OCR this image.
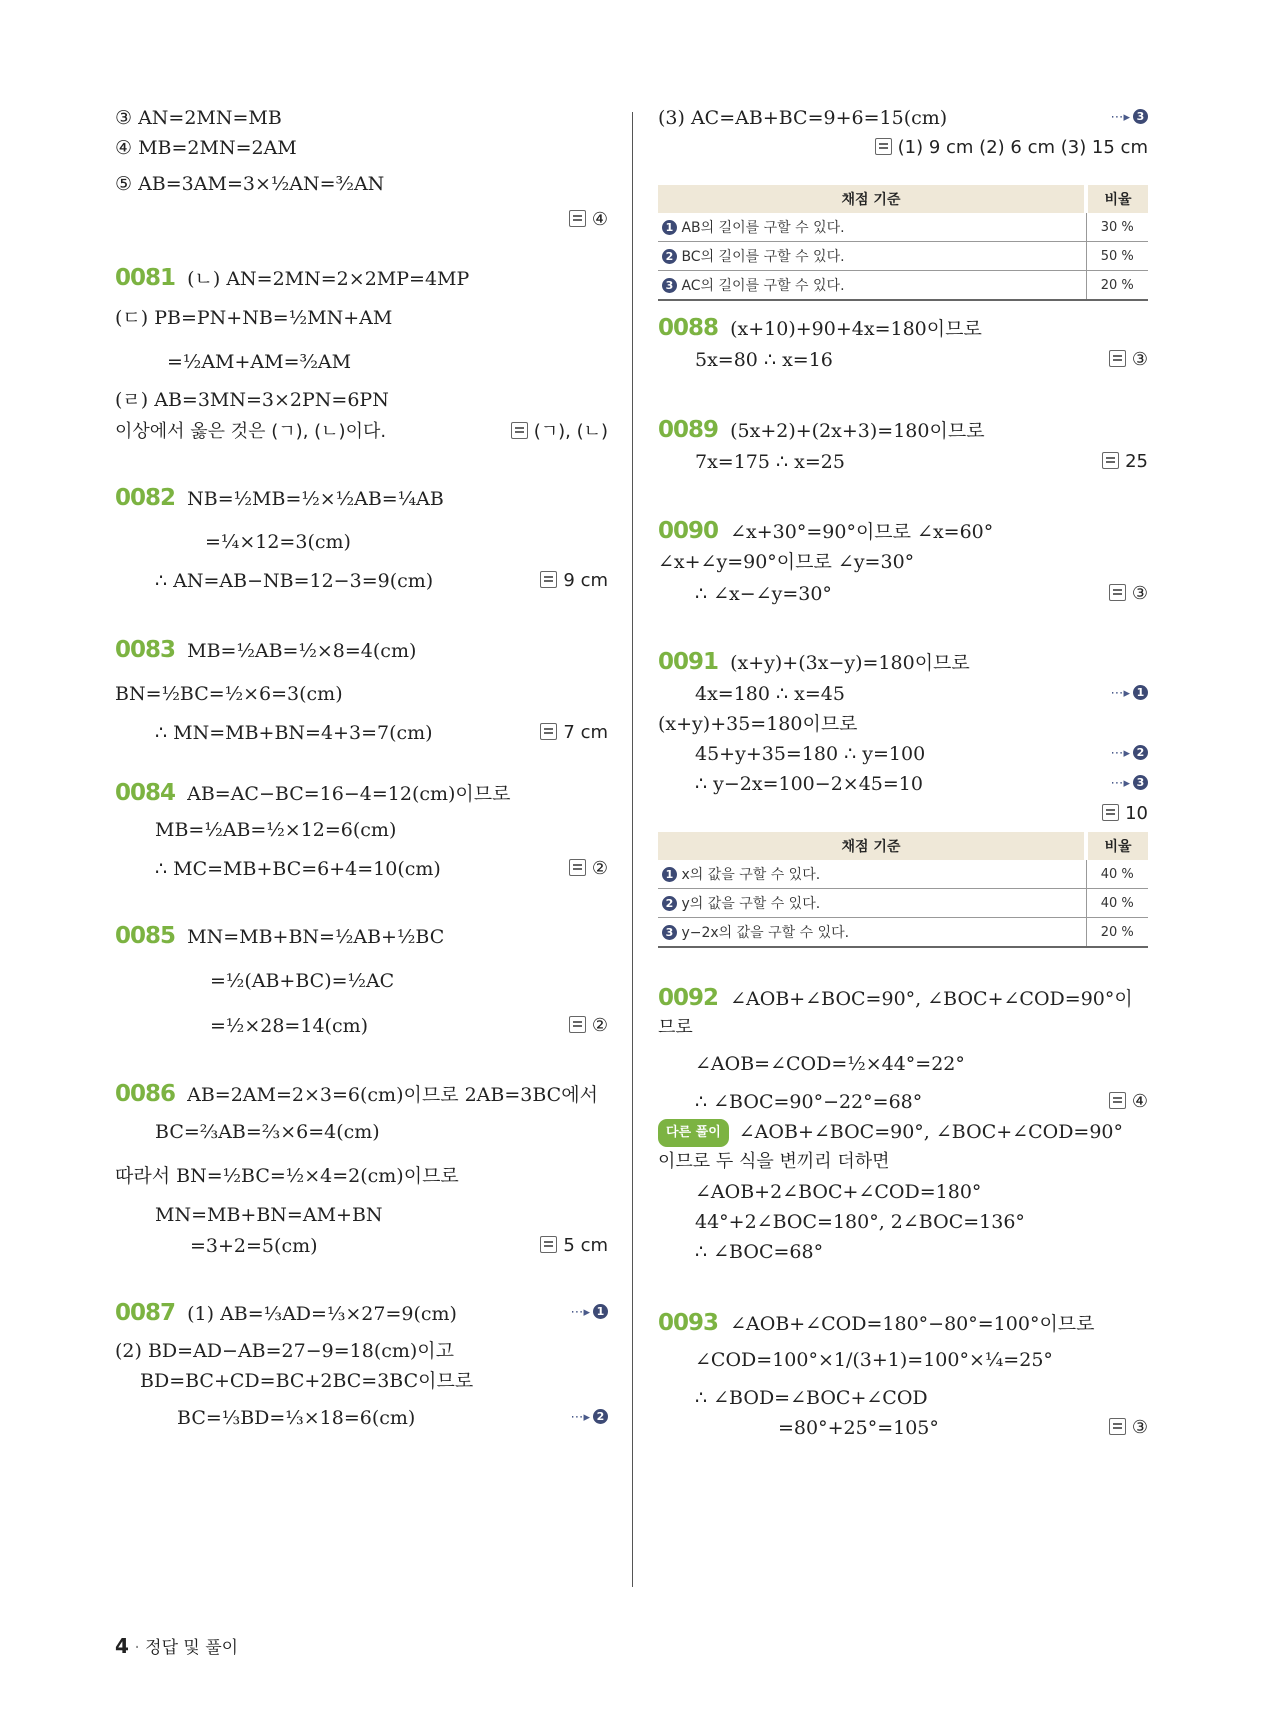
③ AN=2MN=MB
④ MB=2MN=2AM
⑤ AB=3AM=3×½AN=³⁄₂AN
④
0081 (ㄴ) AN=2MN=2×2MP=4MP
(ㄷ) PB=PN+NB=½MN+AM
=½AM+AM=³⁄₂AM
(ㄹ) AB=3MN=3×2PN=6PN
이상에서 옳은 것은 (ㄱ), (ㄴ)이다.	(ㄱ), (ㄴ)
0082 NB=½MB=½×½AB=¼AB
=¼×12=3(cm)
∴ AN=AB−NB=12−3=9(cm)	9 cm
0083 MB=½AB=½×8=4(cm)
BN=½BC=½×6=3(cm)
∴ MN=MB+BN=4+3=7(cm)	7 cm
0084 AB=AC−BC=16−4=12(cm)이므로
MB=½AB=½×12=6(cm)
∴ MC=MB+BC=6+4=10(cm)	②
0085 MN=MB+BN=½AB+½BC
=½(AB+BC)=½AC
=½×28=14(cm)	②
0086 AB=2AM=2×3=6(cm)이므로 2AB=3BC에서
BC=⅔AB=⅔×6=4(cm)
따라서 BN=½BC=½×4=2(cm)이므로
MN=MB+BN=AM+BN
=3+2=5(cm)	5 cm
0087 (1) AB=⅓AD=⅓×27=9(cm)	⋯▸ 1
(2) BD=AD−AB=27−9=18(cm)이고
BD=BC+CD=BC+2BC=3BC이므로
BC=⅓BD=⅓×18=6(cm)	⋯▸ 2
(3) AC=AB+BC=9+6=15(cm)	⋯▸ 3
(1) 9 cm (2) 6 cm (3) 15 cm
채점 기준	비율
1 AB의 길이를 구할 수 있다.	30 %
2 BC의 길이를 구할 수 있다.	50 %
3 AC의 길이를 구할 수 있다.	20 %
0088 (x+10)+90+4x=180이므로
5x=80 ∴ x=16	③
0089 (5x+2)+(2x+3)=180이므로
7x=175 ∴ x=25	25
0090 ∠x+30°=90°이므로 ∠x=60°
∠x+∠y=90°이므로 ∠y=30°
∴ ∠x−∠y=30°	③
0091 (x+y)+(3x−y)=180이므로
4x=180 ∴ x=45	⋯▸ 1
(x+y)+35=180이므로
45+y+35=180 ∴ y=100	⋯▸ 2
∴ y−2x=100−2×45=10	⋯▸ 3
10
채점 기준	비율
1 x의 값을 구할 수 있다.	40 %
2 y의 값을 구할 수 있다.	40 %
3 y−2x의 값을 구할 수 있다.	20 %
0092 ∠AOB+∠BOC=90°, ∠BOC+∠COD=90°이
므로
∠AOB=∠COD=½×44°=22°
∴ ∠BOC=90°−22°=68°	④
다른 풀이 ∠AOB+∠BOC=90°, ∠BOC+∠COD=90°
이므로 두 식을 변끼리 더하면
∠AOB+2∠BOC+∠COD=180°
44°+2∠BOC=180°, 2∠BOC=136°
∴ ∠BOC=68°
0093 ∠AOB+∠COD=180°−80°=100°이므로
∠COD=100°×1/(3+1)=100°×¼=25°
∴ ∠BOD=∠BOC+∠COD
=80°+25°=105°	③
4 · 정답 및 풀이
